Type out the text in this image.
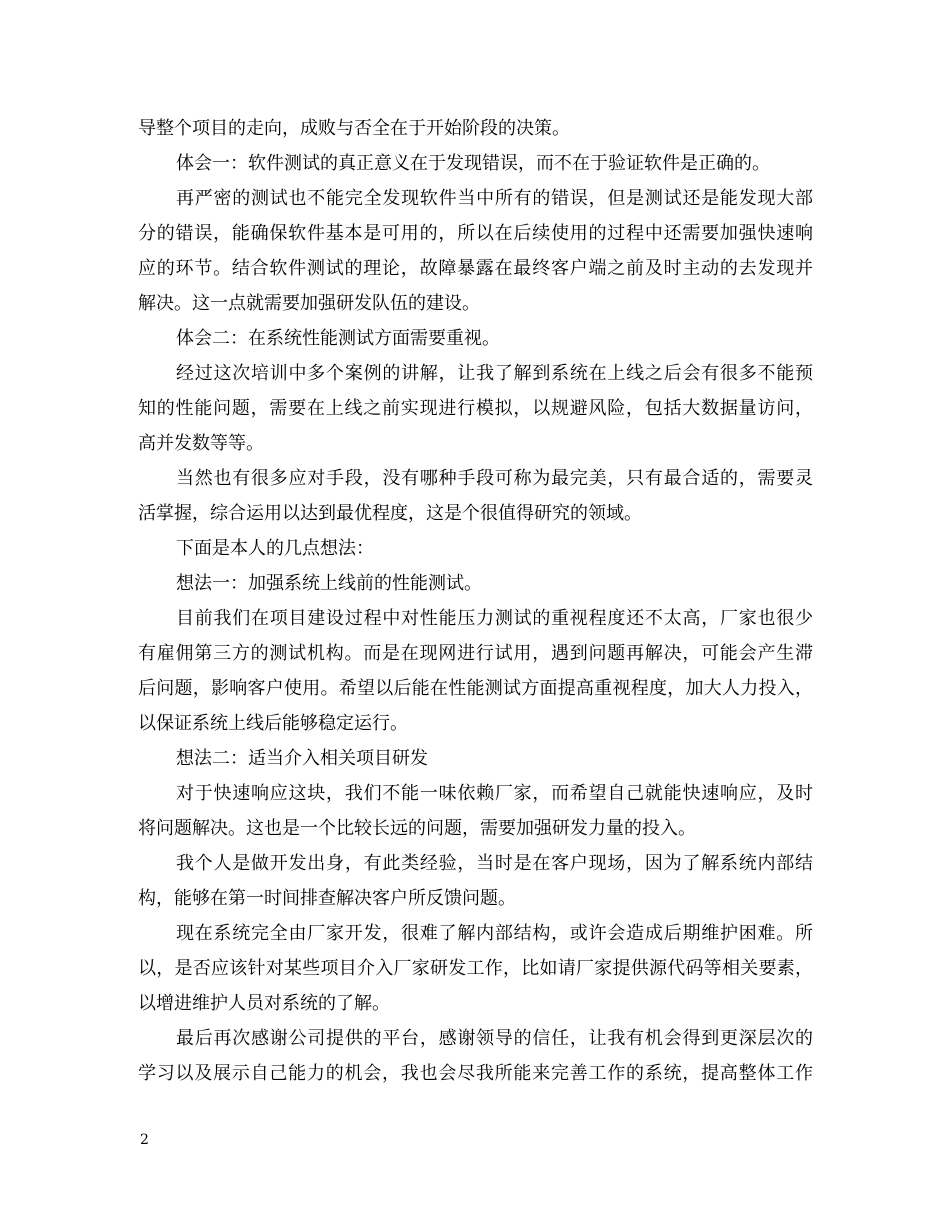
导整个项目的走向，成败与否全在于开始阶段的决策。
体会一：软件测试的真正意义在于发现错误，而不在于验证软件是正确的。
再严密的测试也不能完全发现软件当中所有的错误，但是测试还是能发现大部
分的错误，能确保软件基本是可用的，所以在后续使用的过程中还需要加强快速响
应的环节。结合软件测试的理论，故障暴露在最终客户端之前及时主动的去发现并
解决。这一点就需要加强研发队伍的建设。
体会二：在系统性能测试方面需要重视。
经过这次培训中多个案例的讲解，让我了解到系统在上线之后会有很多不能预
知的性能问题，需要在上线之前实现进行模拟，以规避风险，包括大数据量访问，
高并发数等等。
当然也有很多应对手段，没有哪种手段可称为最完美，只有最合适的，需要灵
活掌握，综合运用以达到最优程度，这是个很值得研究的领域。
下面是本人的几点想法：
想法一：加强系统上线前的性能测试。
目前我们在项目建设过程中对性能压力测试的重视程度还不太高，厂家也很少
有雇佣第三方的测试机构。而是在现网进行试用，遇到问题再解决，可能会产生滞
后问题，影响客户使用。希望以后能在性能测试方面提高重视程度，加大人力投入，
以保证系统上线后能够稳定运行。
想法二：适当介入相关项目研发
对于快速响应这块，我们不能一味依赖厂家，而希望自己就能快速响应，及时
将问题解决。这也是一个比较长远的问题，需要加强研发力量的投入。
我个人是做开发出身，有此类经验，当时是在客户现场，因为了解系统内部结
构，能够在第一时间排查解决客户所反馈问题。
现在系统完全由厂家开发，很难了解内部结构，或许会造成后期维护困难。所
以，是否应该针对某些项目介入厂家研发工作，比如请厂家提供源代码等相关要素，
以增进维护人员对系统的了解。
最后再次感谢公司提供的平台，感谢领导的信任，让我有机会得到更深层次的
学习以及展示自己能力的机会，我也会尽我所能来完善工作的系统，提高整体工作
2
